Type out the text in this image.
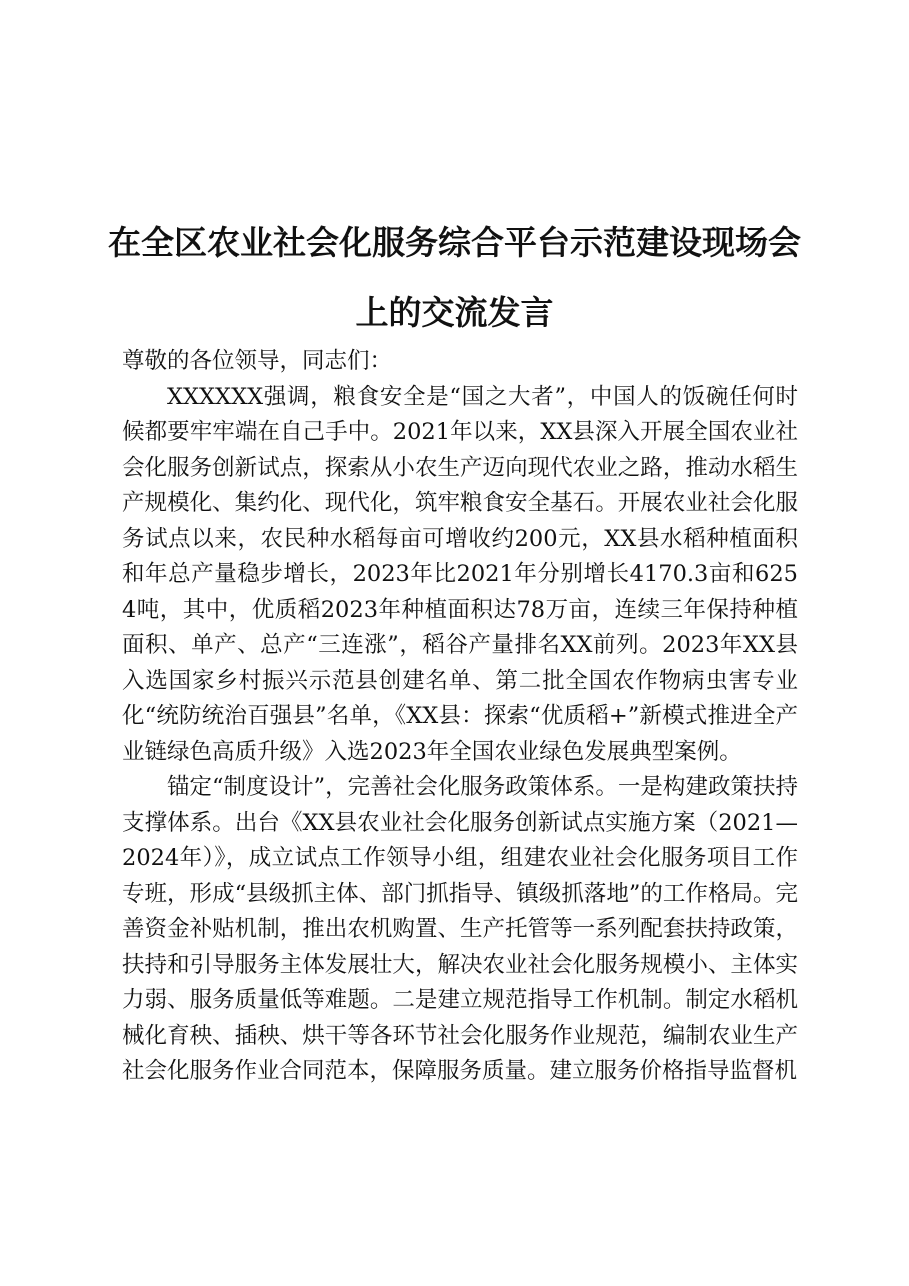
在全区农业社会化服务综合平台示范建设现场会上的交流发言

尊敬的各位领导，同志们：

XXXXXX强调，粮食安全是“国之大者”，中国人的饭碗任何时候都要牢牢端在自己手中。2021年以来，XX县深入开展全国农业社会化服务创新试点，探索从小农生产迈向现代农业之路，推动水稻生产规模化、集约化、现代化，筑牢粮食安全基石。开展农业社会化服务试点以来，农民种水稻每亩可增收约200元，XX县水稻种植面积和年总产量稳步增长，2023年比2021年分别增长4170.3亩和6254吨，其中，优质稻2023年种植面积达78万亩，连续三年保持种植面积、单产、总产“三连涨”，稻谷产量排名XX前列。2023年XX县入选国家乡村振兴示范县创建名单、第二批全国农作物病虫害专业化“统防统治百强县”名单，《XX县：探索“优质稻+”新模式推进全产业链绿色高质升级》入选2023年全国农业绿色发展典型案例。

锚定“制度设计”，完善社会化服务政策体系。一是构建政策扶持支撑体系。出台《XX县农业社会化服务创新试点实施方案（2021—2024年）》，成立试点工作领导小组，组建农业社会化服务项目工作专班，形成“县级抓主体、部门抓指导、镇级抓落地”的工作格局。完善资金补贴机制，推出农机购置、生产托管等一系列配套扶持政策，扶持和引导服务主体发展壮大，解决农业社会化服务规模小、主体实力弱、服务质量低等难题。二是建立规范指导工作机制。制定水稻机械化育秧、插秧、烘干等各环节社会化服务作业规范，编制农业生产社会化服务作业合同范本，保障服务质量。建立服务价格指导监督机
